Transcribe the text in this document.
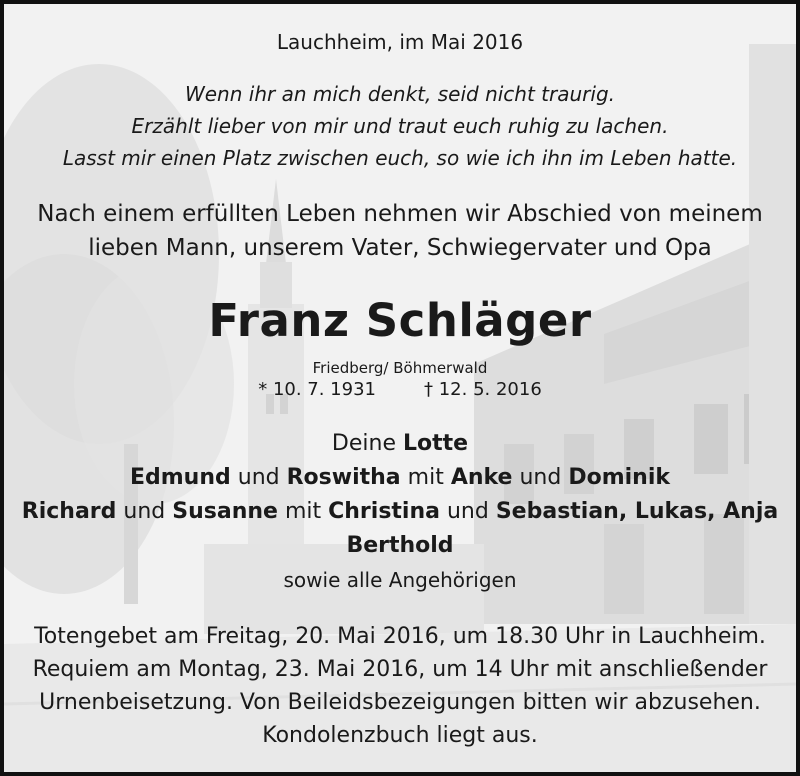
Lauchheim, im Mai 2016
Wenn ihr an mich denkt, seid nicht traurig.
Erzählt lieber von mir und traut euch ruhig zu lachen.
Lasst mir einen Platz zwischen euch, so wie ich ihn im Leben hatte.
Nach einem erfüllten Leben nehmen wir Abschied von meinem
lieben Mann, unserem Vater, Schwiegervater und Opa
Franz Schläger
Friedberg/ Böhmerwald
* 10. 7. 1931	† 12. 5. 2016
Deine Lotte
Edmund und Roswitha mit Anke und Dominik
Richard und Susanne mit Christina und Sebastian, Lukas, Anja
Berthold
sowie alle Angehörigen
Totengebet am Freitag, 20. Mai 2016, um 18.30 Uhr in Lauchheim.
Requiem am Montag, 23. Mai 2016, um 14 Uhr mit anschließender
Urnenbeisetzung. Von Beileidsbezeigungen bitten wir abzusehen.
Kondolenzbuch liegt aus.
